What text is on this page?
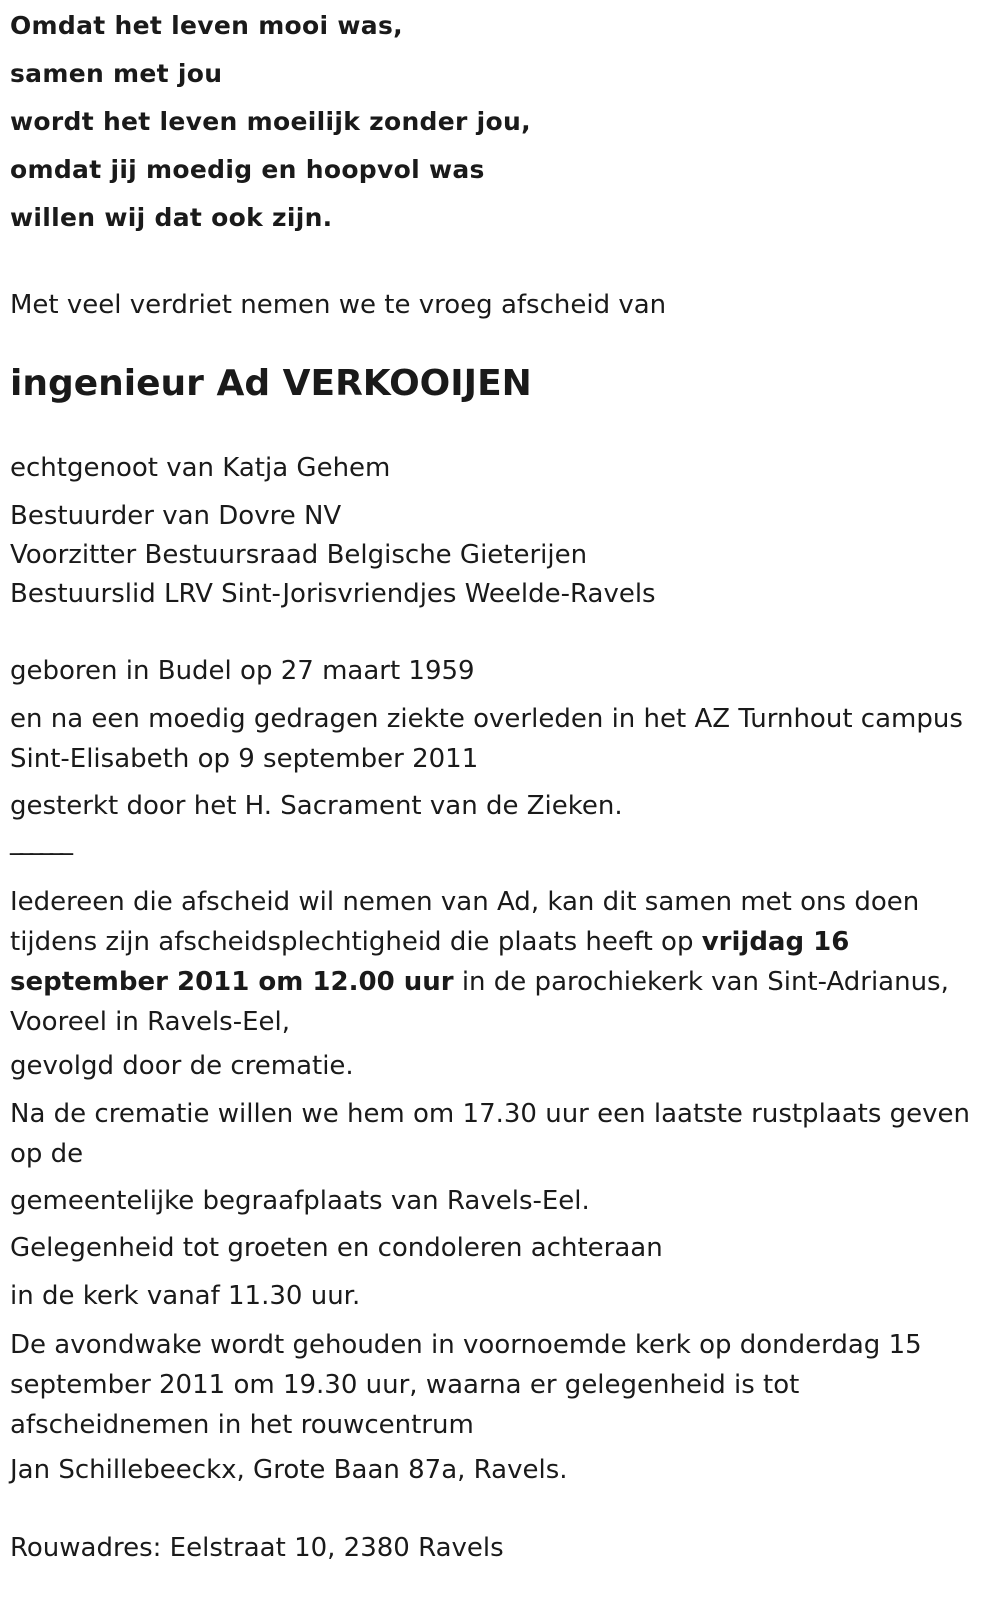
Omdat het leven mooi was,
samen met jou
wordt het leven moeilijk zonder jou,
omdat jij moedig en hoopvol was
willen wij dat ook zijn.
Met veel verdriet nemen we te vroeg afscheid van
ingenieur Ad VERKOOIJEN
echtgenoot van Katja Gehem
Bestuurder van Dovre NV
Voorzitter Bestuursraad Belgische Gieterijen
Bestuurslid LRV Sint-Jorisvriendjes Weelde-Ravels
geboren in Budel op 27 maart 1959
en na een moedig gedragen ziekte overleden in het AZ Turnhout campus Sint-Elisabeth op 9 september 2011
gesterkt door het H. Sacrament van de Zieken.
______
Iedereen die afscheid wil nemen van Ad, kan dit samen met ons doen tijdens zijn afscheidsplechtigheid die plaats heeft op vrijdag 16 september 2011 om 12.00 uur in de parochiekerk van Sint-Adrianus, Vooreel in Ravels-Eel,
gevolgd door de crematie.
Na de crematie willen we hem om 17.30 uur een laatste rustplaats geven op de
gemeentelijke begraafplaats van Ravels-Eel.
Gelegenheid tot groeten en condoleren achteraan
in de kerk vanaf 11.30 uur.
De avondwake wordt gehouden in voornoemde kerk op donderdag 15 september 2011 om 19.30 uur, waarna er gelegenheid is tot afscheidnemen in het rouwcentrum
Jan Schillebeeckx, Grote Baan 87a, Ravels.
Rouwadres: Eelstraat 10, 2380 Ravels
